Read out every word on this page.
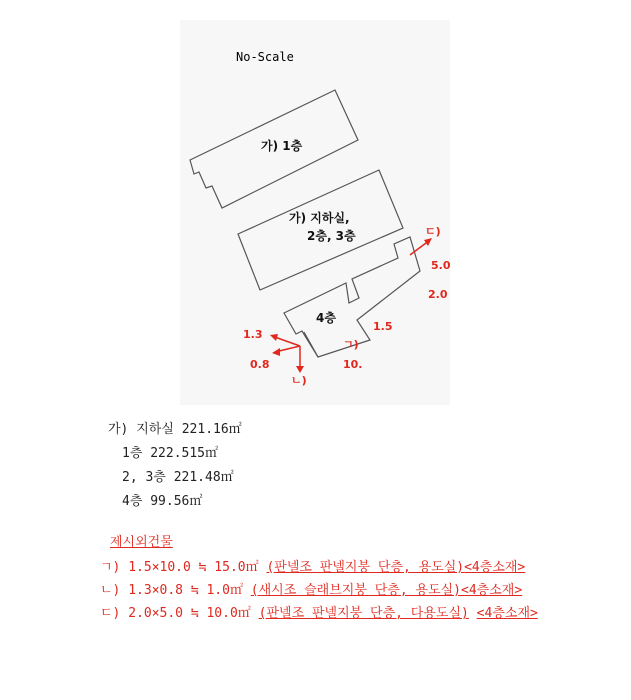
No-Scale
가) 1층
가) 지하실,
2층, 3층
4층
ㄷ)
5.0
2.0
1.5
ㄱ)
10.
1.3
0.8
ㄴ)
가) 지하실 221.16㎡
1층 222.515㎡
2, 3층 221.48㎡
4층 99.56㎡
제시외건물
ㄱ) 1.5×10.0 ≒ 15.0㎡ (판넬조 판넬지붕 단층, 용도실)<4층소재>
ㄴ) 1.3×0.8 ≒ 1.0㎡ (새시조 슬래브지붕 단층, 용도실)<4층소재>
ㄷ) 2.0×5.0 ≒ 10.0㎡ (판넬조 판넬지붕 단층, 다용도실) <4층소재>
